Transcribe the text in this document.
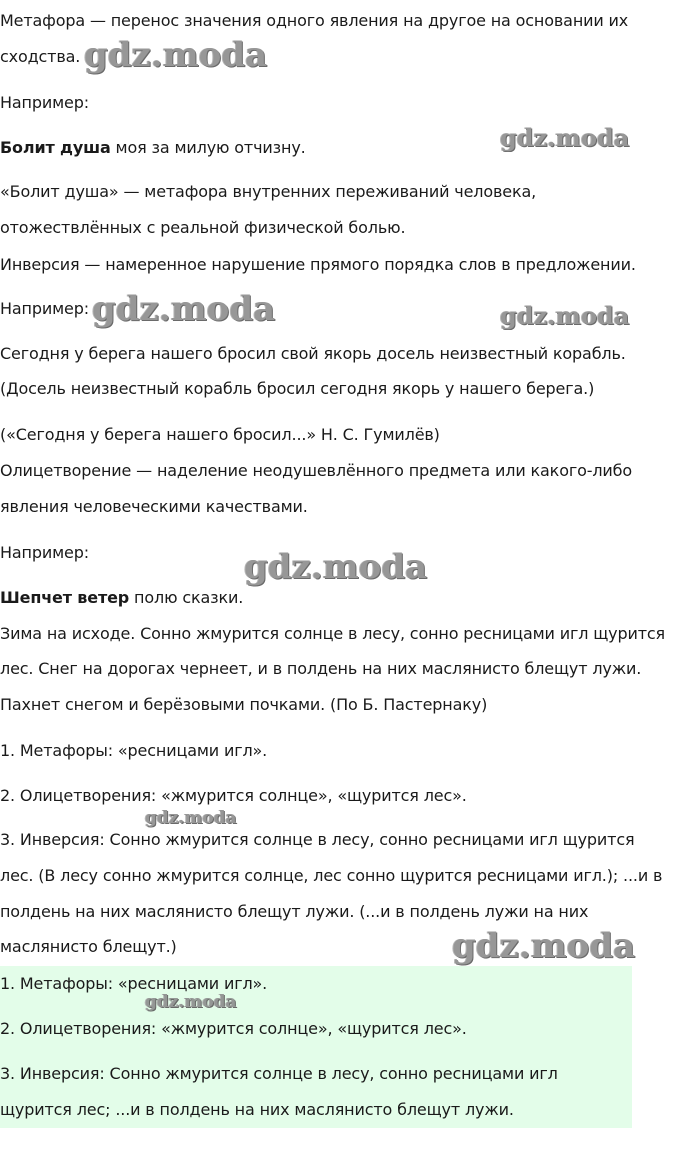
Метафора — перенос значения одного явления на другое на основании их
сходства.
Например:
Болит душа моя за милую отчизну.
«Болит душа» — метафора внутренних переживаний человека,
отожествлённых с реальной физической болью.
Инверсия — намеренное нарушение прямого порядка слов в предложении.
Например:
Сегодня у берега нашего бросил свой якорь досель неизвестный корабль.
(Досель неизвестный корабль бросил сегодня якорь у нашего берега.)
(«Сегодня у берега нашего бросил...» Н. С. Гумилёв)
Олицетворение — наделение неодушевлённого предмета или какого-либо
явления человеческими качествами.
Например:
Шепчет ветер полю сказки.
Зима на исходе. Сонно жмурится солнце в лесу, сонно ресницами игл щурится
лес. Снег на дорогах чернеет, и в полдень на них маслянисто блещут лужи.
Пахнет снегом и берёзовыми почками. (По Б. Пастернаку)
1. Метафоры: «ресницами игл».
2. Олицетворения: «жмурится солнце», «щурится лес».
3. Инверсия: Сонно жмурится солнце в лесу, сонно ресницами игл щурится
лес. (В лесу сонно жмурится солнце, лес сонно щурится ресницами игл.); ...и в
полдень на них маслянисто блещут лужи. (...и в полдень лужи на них
маслянисто блещут.)
1. Метафоры: «ресницами игл».
2. Олицетворения: «жмурится солнце», «щурится лес».
3. Инверсия: Сонно жмурится солнце в лесу, сонно ресницами игл
щурится лес; ...и в полдень на них маслянисто блещут лужи.
gdz.moda
gdz.moda
gdz.moda	gdz.moda
gdz.moda
gdz.moda
gdz.moda
gdz.moda
